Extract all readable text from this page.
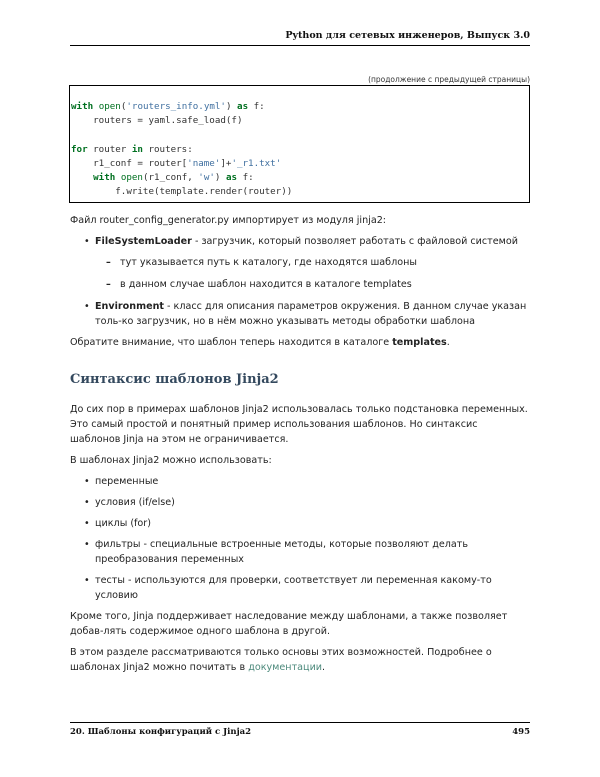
Python для сетевых инженеров, Выпуск 3.0
(продолжение с предыдущей страницы)
with open('routers_info.yml') as f:
routers = yaml.safe_load(f)

for router in routers:
r1_conf = router['name']+'_r1.txt'
with open(r1_conf, 'w') as f:
f.write(template.render(router))

Файл router_config_generator.py импортирует из модуля jinja2:

• FileSystemLoader - загрузчик, который позволяет работать с файловой системой
– тут указывается путь к каталогу, где находятся шаблоны
– в данном случае шаблон находится в каталоге templates
• Environment - класс для описания параметров окружения. В данном случае указан толь-ко загрузчик, но в нём можно указывать методы обработки шаблона

Обратите внимание, что шаблон теперь находится в каталоге templates.

Синтаксис шаблонов Jinja2

До сих пор в примерах шаблонов Jinja2 использовалась только подстановка переменных. Это самый простой и понятный пример использования шаблонов. Но синтаксис шаблонов Jinja на этом не ограничивается.

В шаблонах Jinja2 можно использовать:

• переменные
• условия (if/else)
• циклы (for)
• фильтры - специальные встроенные методы, которые позволяют делать преобразования переменных
• тесты - используются для проверки, соответствует ли переменная какому-то условию

Кроме того, Jinja поддерживает наследование между шаблонами, а также позволяет добав-лять содержимое одного шаблона в другой.

В этом разделе рассматриваются только основы этих возможностей. Подробнее о шаблонах Jinja2 можно почитать в документации.

20. Шаблоны конфигураций с Jinja2	495
